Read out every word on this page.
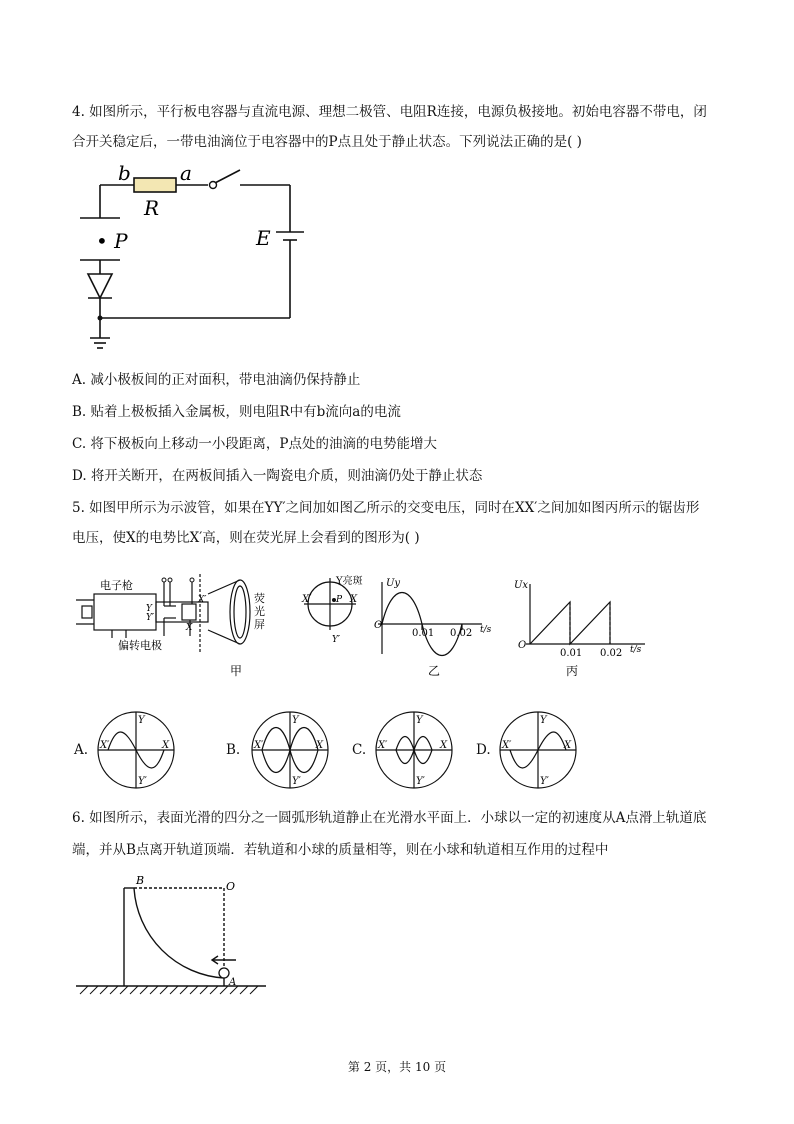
4. 如图所示，平行板电容器与直流电源、理想二极管、电阻R连接，电源负极接地。初始电容器不带电，闭
合开关稳定后，一带电油滴位于电容器中的P点且处于静止状态。下列说法正确的是( )
b a
R
• P	E
A. 减小极板间的正对面积，带电油滴仍保持静止
B. 贴着上极板插入金属板，则电阻R中有b流向a的电流
C. 将下极板向上移动一小段距离，P点处的油滴的电势能增大
D. 将开关断开，在两板间插入一陶瓷电介质，则油滴仍处于静止状态
5. 如图甲所示为示波管，如果在YY′之间加如图乙所示的交变电压，同时在XX′之间加如图丙所示的锯齿形
电压，使X的电势比X′高，则在荧光屏上会看到的图形为( )
电子枪
Y
Y′
X′
X
荧
光
屏
偏转电极
甲
Y亮斑
P
X′	X
Y′
Uy
O
0.01 0.02 t/s
乙
Ux
O
0.01 0.02 t/s
丙
A.
Y
Y′
X′	X	B.
Y
Y′
X′	X C.
Y
Y′
X′	X D.
Y
Y′
X′	X
6. 如图所示，表面光滑的四分之一圆弧形轨道静止在光滑水平面上．小球以一定的初速度从A点滑上轨道底
端，并从B点离开轨道顶端．若轨道和小球的质量相等，则在小球和轨道相互作用的过程中
B	O
A
第 2 页，共 10 页
